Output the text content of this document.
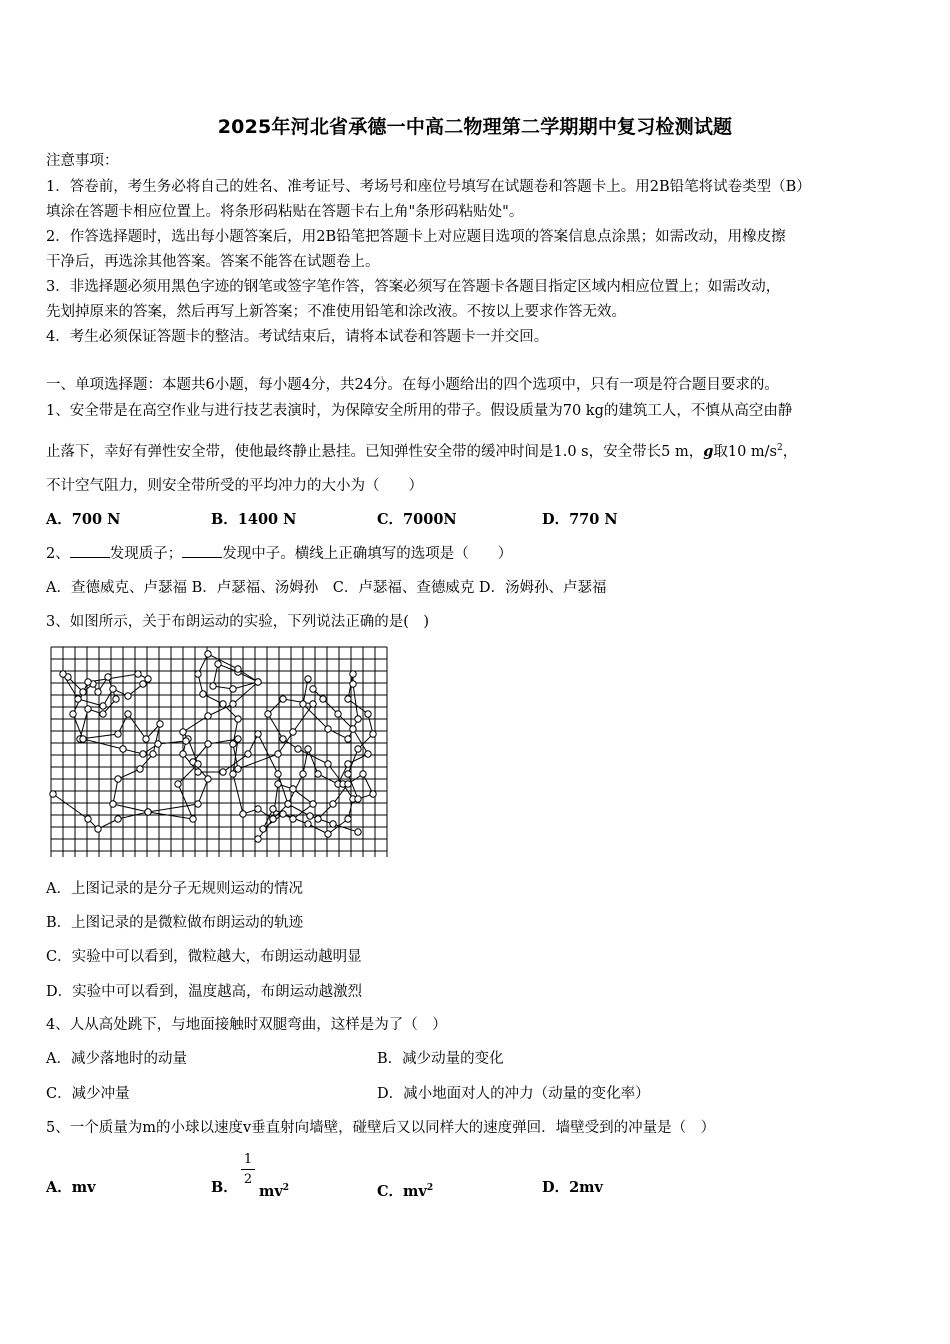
2025年河北省承德一中高二物理第二学期期中复习检测试题
注意事项：
1．答卷前，考生务必将自己的姓名、准考证号、考场号和座位号填写在试题卷和答题卡上。用2B铅笔将试卷类型（B）
填涂在答题卡相应位置上。将条形码粘贴在答题卡右上角"条形码粘贴处"。
2．作答选择题时，选出每小题答案后，用2B铅笔把答题卡上对应题目选项的答案信息点涂黑；如需改动，用橡皮擦
干净后，再选涂其他答案。答案不能答在试题卷上。
3．非选择题必须用黑色字迹的钢笔或签字笔作答，答案必须写在答题卡各题目指定区域内相应位置上；如需改动，
先划掉原来的答案，然后再写上新答案；不准使用铅笔和涂改液。不按以上要求作答无效。
4．考生必须保证答题卡的整洁。考试结束后，请将本试卷和答题卡一并交回。
一、单项选择题：本题共6小题，每小题4分，共24分。在每小题给出的四个选项中，只有一项是符合题目要求的。
1、安全带是在高空作业与进行技艺表演时，为保障安全所用的带子。假设质量为70 kg的建筑工人，不慎从高空由静
止落下，幸好有弹性安全带，使他最终静止悬挂。已知弹性安全带的缓冲时间是1.0 s，安全带长5 m，g取10 $m/s^2$，
不计空气阻力，则安全带所受的平均冲力的大小为（　　）
A．700 N	B．1400 N	C．7000N	D．770 N
2、	发现质子；	发现中子。横线上正确填写的选项是（　　）
A．查德威克、卢瑟福 B．卢瑟福、汤姆孙　C．卢瑟福、查德威克 D．汤姆孙、卢瑟福
3、如图所示，关于布朗运动的实验，下列说法正确的是(　)
A．上图记录的是分子无规则运动的情况
B．上图记录的是微粒做布朗运动的轨迹
C．实验中可以看到，微粒越大，布朗运动越明显
D．实验中可以看到，温度越高，布朗运动越激烈
4、人从高处跳下，与地面接触时双腿弯曲，这样是为了（　）
A．减少落地时的动量	B．减少动量的变化
C．减少冲量	D．减小地面对人的冲力（动量的变化率）
5、一个质量为m的小球以速度v垂直射向墙壁，碰壁后又以同样大的速度弹回．墙壁受到的冲量是（　）
A．mv	B．
1
2
$mv^2$	C．$mv^2$	D．2mv
